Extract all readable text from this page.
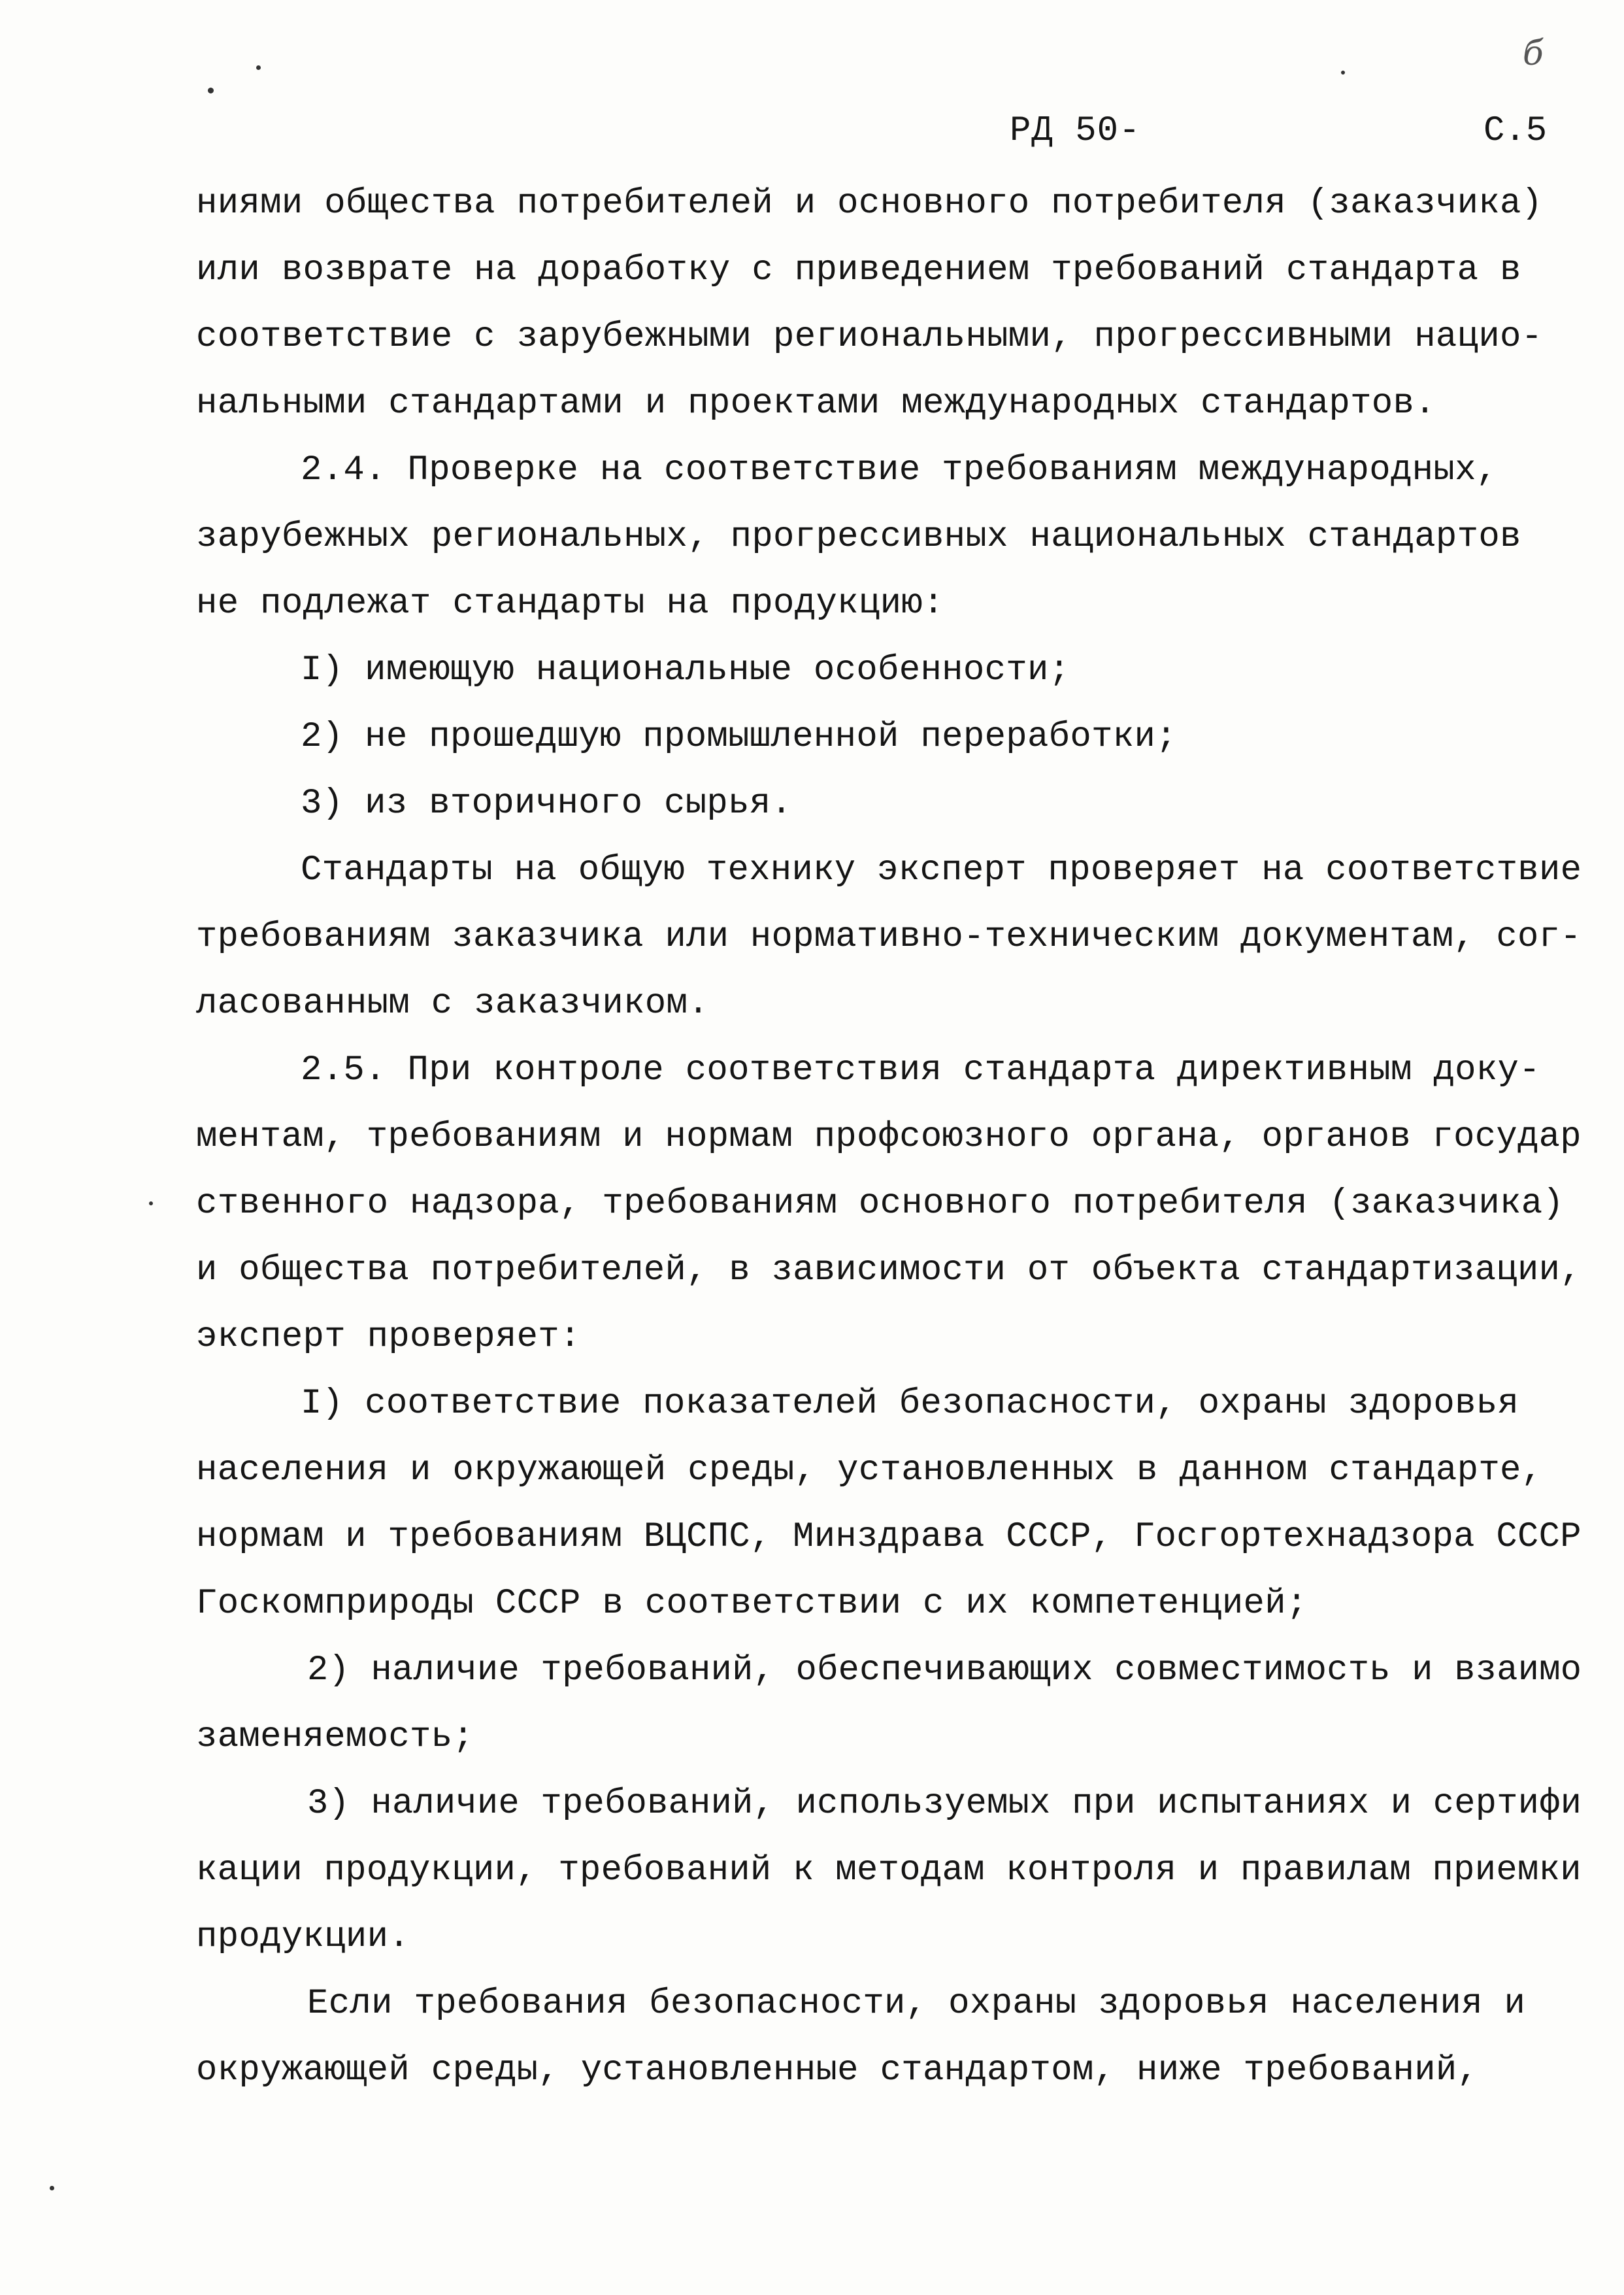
б
РД 50-	С.5
ниями общества потребителей и основного потребителя (заказчика)
или возврате на доработку с приведением требований стандарта в
соответствие с зарубежными региональными, прогрессивными нацио-
нальными стандартами и проектами международных стандартов.
2.4. Проверке на соответствие требованиям международных,
зарубежных региональных, прогрессивных национальных стандартов
не подлежат стандарты на продукцию:
I) имеющую национальные особенности;
2) не прошедшую промышленной переработки;
3) из вторичного сырья.
Стандарты на общую технику эксперт проверяет на соответствие
требованиям заказчика или нормативно-техническим документам, сог-
ласованным с заказчиком.
2.5. При контроле соответствия стандарта директивным доку-
ментам, требованиям и нормам профсоюзного органа, органов государ
ственного надзора, требованиям основного потребителя (заказчика)
и общества потребителей, в зависимости от объекта стандартизации,
эксперт проверяет:
I) соответствие показателей безопасности, охраны здоровья
населения и окружающей среды, установленных в данном стандарте,
нормам и требованиям ВЦСПС, Минздрава СССР, Госгортехнадзора СССР
Госкомприроды СССР в соответствии с их компетенцией;
2) наличие требований, обеспечивающих совместимость и взаимо
заменяемость;
3) наличие требований, используемых при испытаниях и сертифи
кации продукции, требований к методам контроля и правилам приемки
продукции.
Если требования безопасности, охраны здоровья населения и
окружающей среды, установленные стандартом, ниже требований,
